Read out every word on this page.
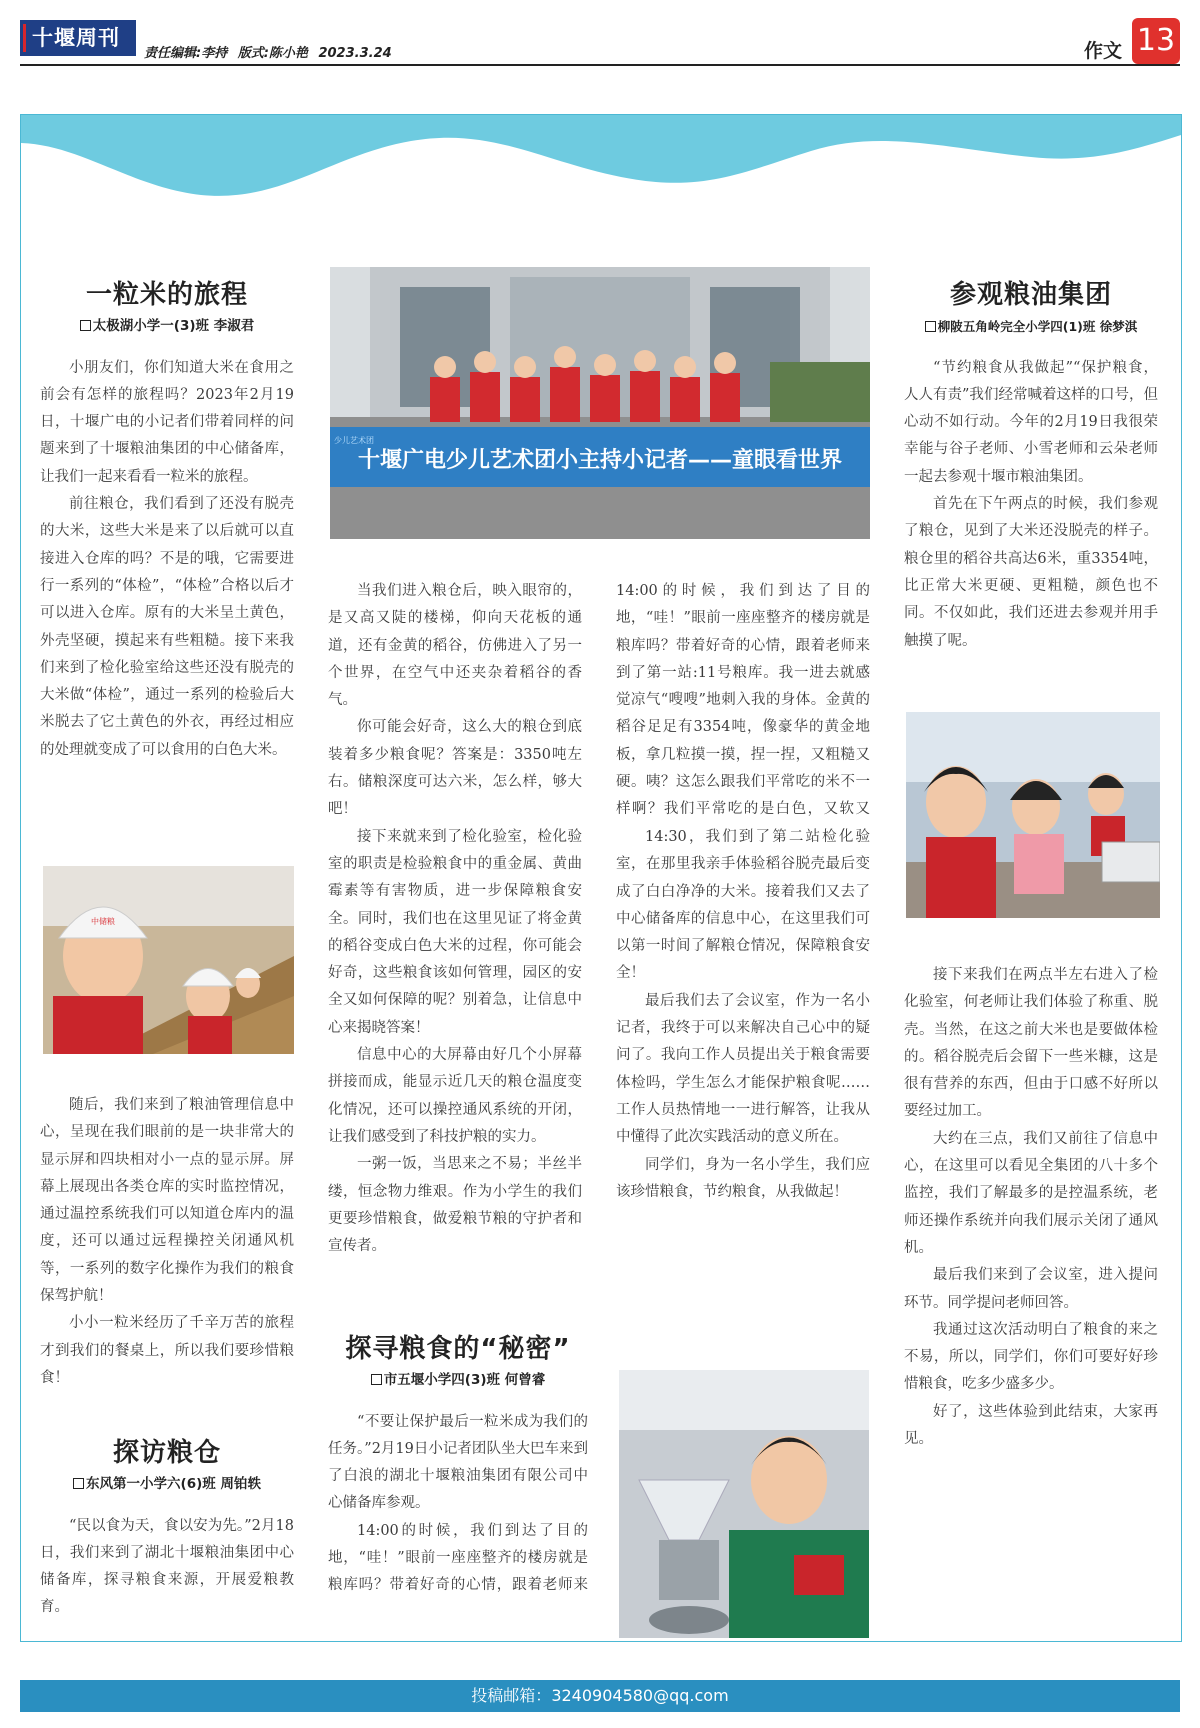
十堰周刊
责任编辑:李持 版式:陈小艳 2023.3.24	作文 13
一粒米的旅程
太极湖小学一(3)班 李淑君

小朋友们，你们知道大米在食用之前会有怎样的旅程吗？2023年2月19日，十堰广电的小记者们带着同样的问题来到了十堰粮油集团的中心储备库，让我们一起来看看一粒米的旅程。

前往粮仓，我们看到了还没有脱壳的大米，这些大米是来了以后就可以直接进入仓库的吗？不是的哦，它需要进行一系列的“体检”，“体检”合格以后才可以进入仓库。原有的大米呈土黄色，外壳坚硬，摸起来有些粗糙。接下来我们来到了检化验室给这些还没有脱壳的大米做“体检”，通过一系列的检验后大米脱去了它土黄色的外衣，再经过相应的处理就变成了可以食用的白色大米。

中储粮

随后，我们来到了粮油管理信息中心，呈现在我们眼前的是一块非常大的显示屏和四块相对小一点的显示屏。屏幕上展现出各类仓库的实时监控情况，通过温控系统我们可以知道仓库内的温度，还可以通过远程操控关闭通风机等，一系列的数字化操作为我们的粮食保驾护航！

小小一粒米经历了千辛万苦的旅程才到我们的餐桌上，所以我们要珍惜粮食！

探访粮仓
东风第一小学六(6)班 周铂轶

“民以食为天，食以安为先。”2月18日，我们来到了湖北十堰粮油集团中心储备库，探寻粮食来源，开展爱粮教育。

少儿艺术团
十堰广电少儿艺术团小主持小记者——童眼看世界

当我们进入粮仓后，映入眼帘的，是又高又陡的楼梯，仰向天花板的通道，还有金黄的稻谷，仿佛进入了另一个世界，在空气中还夹杂着稻谷的香气。

你可能会好奇，这么大的粮仓到底装着多少粮食呢？答案是：3350吨左右。储粮深度可达六米，怎么样，够大吧！

接下来就来到了检化验室，检化验室的职责是检验粮食中的重金属、黄曲霉素等有害物质，进一步保障粮食安全。同时，我们也在这里见证了将金黄的稻谷变成白色大米的过程，你可能会好奇，这些粮食该如何管理，园区的安全又如何保障的呢？别着急，让信息中心来揭晓答案！

信息中心的大屏幕由好几个小屏幕拼接而成，能显示近几天的粮仓温度变化情况，还可以操控通风系统的开闭，让我们感受到了科技护粮的实力。

一粥一饭，当思来之不易；半丝半缕，恒念物力维艰。作为小学生的我们更要珍惜粮食，做爱粮节粮的守护者和宣传者。

探寻粮食的“秘密”
市五堰小学四(3)班 何曾睿

“不要让保护最后一粒米成为我们的任务。”2月19日小记者团队坐大巴车来到了白浪的湖北十堰粮油集团有限公司中心储备库参观。

14:00的时候，我们到达了目的地，“哇！”眼前一座座整齐的楼房就是粮库吗？带着好奇的心情，跟着老师来

14:00的时候，我们到达了目的地，“哇！”眼前一座座整齐的楼房就是粮库吗？带着好奇的心情，跟着老师来到了第一站:11号粮库。我一进去就感觉凉气“嗖嗖”地刺入我的身体。金黄的稻谷足足有3354吨，像豪华的黄金地板，拿几粒摸一摸，捏一捏，又粗糙又硬。咦？这怎么跟我们平常吃的米不一样啊？我们平常吃的是白色，又软又

14:30，我们到了第二站检化验室，在那里我亲手体验稻谷脱壳最后变成了白白净净的大米。接着我们又去了中心储备库的信息中心，在这里我们可以第一时间了解粮仓情况，保障粮食安全！

最后我们去了会议室，作为一名小记者，我终于可以来解决自己心中的疑问了。我向工作人员提出关于粮食需要体检吗，学生怎么才能保护粮食呢……工作人员热情地一一进行解答，让我从中懂得了此次实践活动的意义所在。

同学们，身为一名小学生，我们应该珍惜粮食，节约粮食，从我做起！

参观粮油集团
柳陂五角岭完全小学四(1)班 徐梦淇

“节约粮食从我做起”“保护粮食，人人有责”我们经常喊着这样的口号，但心动不如行动。今年的2月19日我很荣幸能与谷子老师、小雪老师和云朵老师一起去参观十堰市粮油集团。

首先在下午两点的时候，我们参观了粮仓，见到了大米还没脱壳的样子。粮仓里的稻谷共高达6米，重3354吨，比正常大米更硬、更粗糙，颜色也不同。不仅如此，我们还进去参观并用手触摸了呢。

接下来我们在两点半左右进入了检化验室，何老师让我们体验了称重、脱壳。当然，在这之前大米也是要做体检的。稻谷脱壳后会留下一些米糠，这是很有营养的东西，但由于口感不好所以要经过加工。

大约在三点，我们又前往了信息中心，在这里可以看见全集团的八十多个监控，我们了解最多的是控温系统，老师还操作系统并向我们展示关闭了通风机。

最后我们来到了会议室，进入提问环节。同学提问老师回答。

我通过这次活动明白了粮食的来之不易，所以，同学们，你们可要好好珍惜粮食，吃多少盛多少。

好了，这些体验到此结束，大家再见。

投稿邮箱：3240904580@qq.com
